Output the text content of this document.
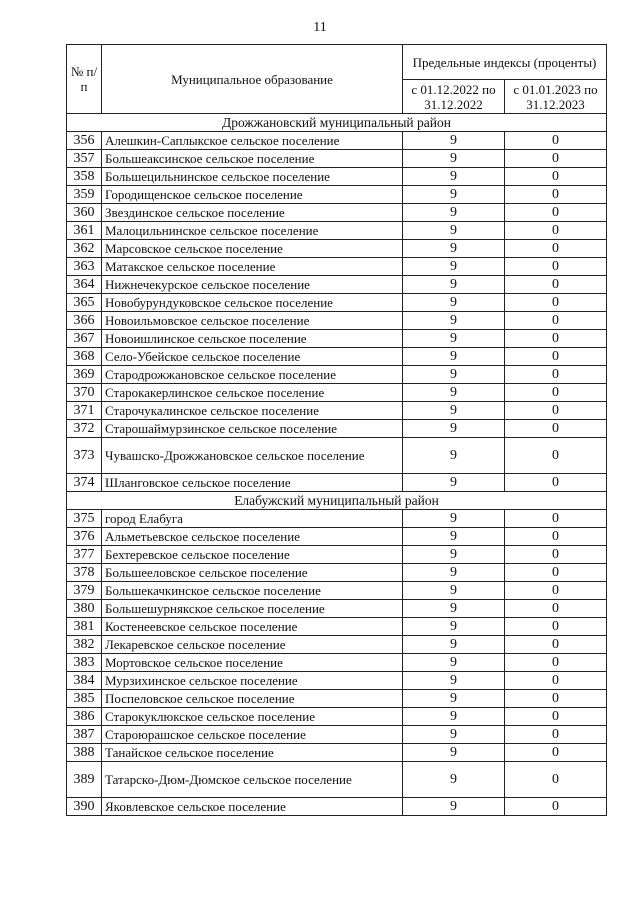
11
№ п/п	Муниципальное образование	Предельные индексы (проценты)	
		с 01.12.2022 по 31.12.2022	с 01.01.2023 по 31.12.2023
Дрожжановский муниципальный район			
356	Алешкин-Саплыкское сельское поселение	9	0
357	Большеаксинское сельское поселение	9	0
358	Большецильнинское сельское поселение	9	0
359	Городищенское сельское поселение	9	0
360	Звездинское сельское поселение	9	0
361	Малоцильнинское сельское поселение	9	0
362	Марсовское сельское поселение	9	0
363	Матакское сельское поселение	9	0
364	Нижнечекурское сельское поселение	9	0
365	Новобурундуковское сельское поселение	9	0
366	Новоильмовское сельское поселение	9	0
367	Новоишлинское сельское поселение	9	0
368	Село-Убейское сельское поселение	9	0
369	Стародрожжановское сельское поселение	9	0
370	Старокакерлинское сельское поселение	9	0
371	Старочукалинское сельское поселение	9	0
372	Старошаймурзинское сельское поселение	9	0
373	Чувашско-Дрожжановское сельское поселение	9	0
374	Шланговское сельское поселение	9	0
Елабужский муниципальный район			
375	город Елабуга	9	0
376	Альметьевское сельское поселение	9	0
377	Бехтеревское сельское поселение	9	0
378	Большееловское сельское поселение	9	0
379	Большекачкинское сельское поселение	9	0
380	Большешурнякское сельское поселение	9	0
381	Костенеевское сельское поселение	9	0
382	Лекаревское сельское поселение	9	0
383	Мортовское сельское поселение	9	0
384	Мурзихинское сельское поселение	9	0
385	Поспеловское сельское поселение	9	0
386	Старокуклюкское сельское поселение	9	0
387	Староюрашское сельское поселение	9	0
388	Танайское сельское поселение	9	0
389	Татарско-Дюм-Дюмское сельское поселение	9	0
390	Яковлевское сельское поселение	9	0
